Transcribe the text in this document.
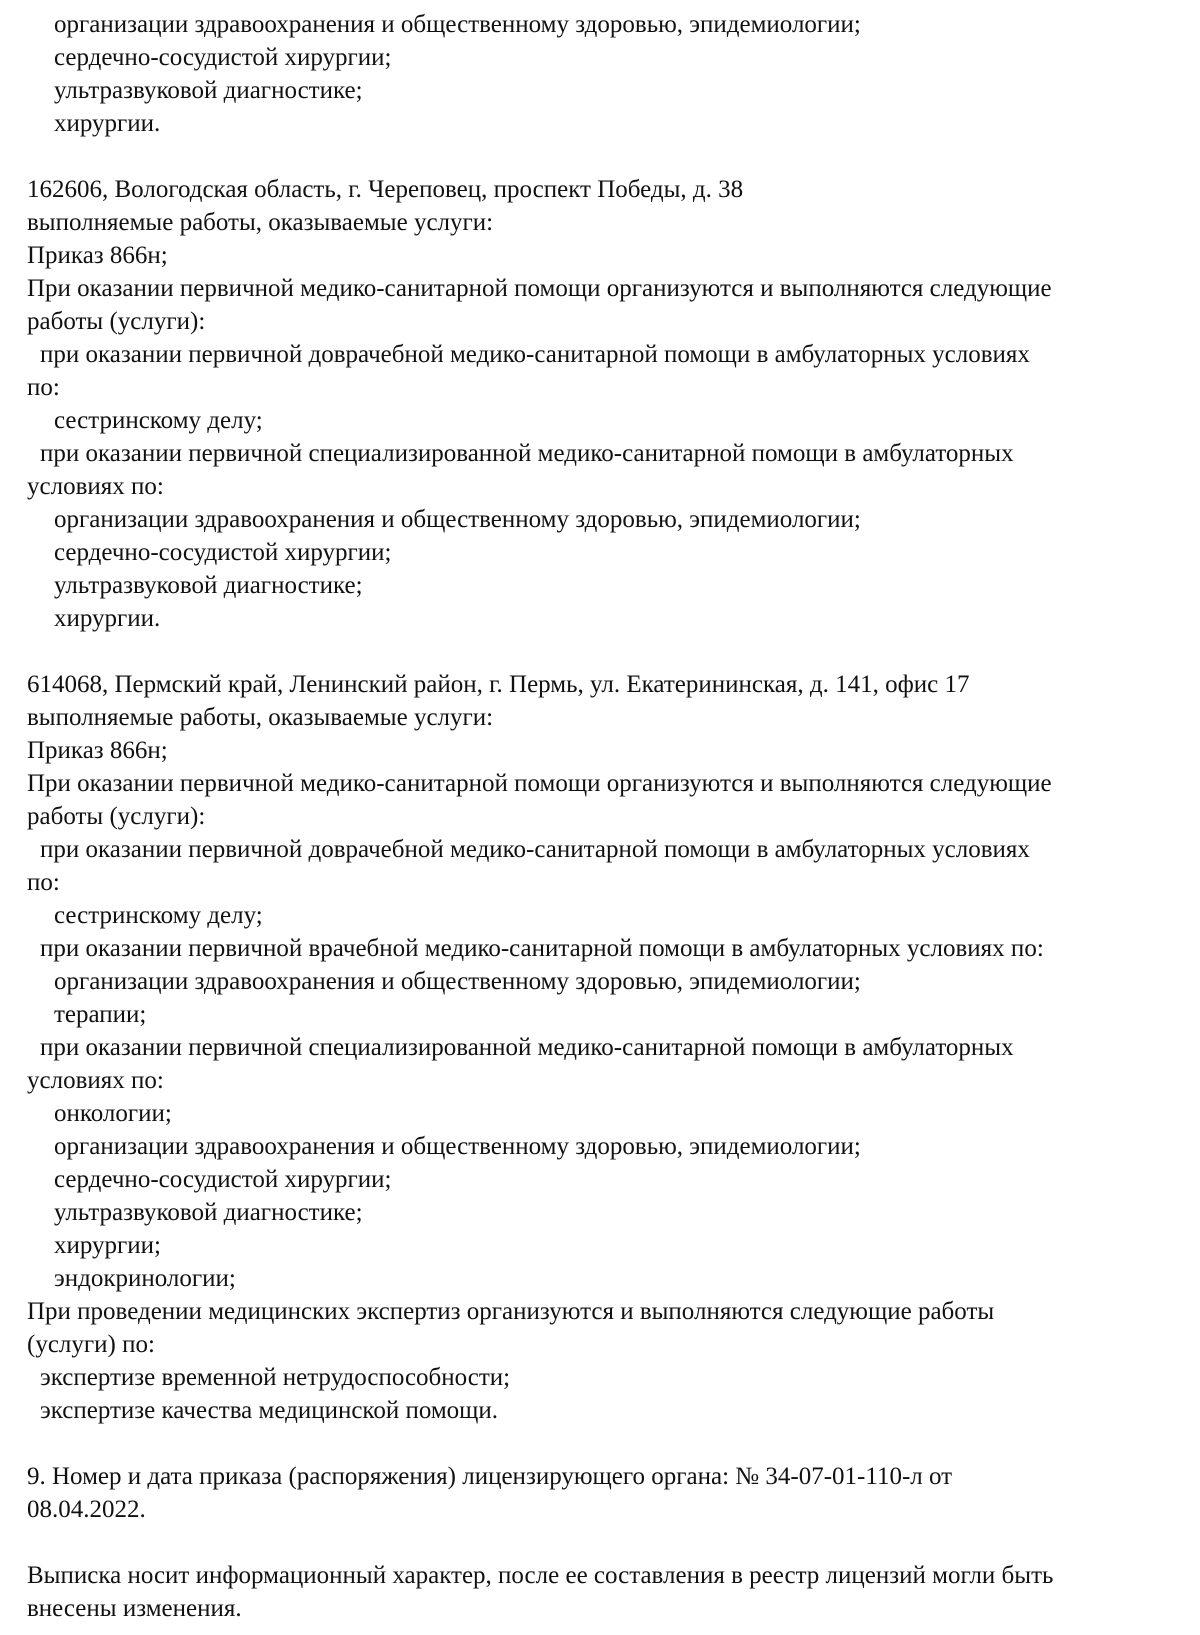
организации здравоохранения и общественному здоровью, эпидемиологии;
сердечно-сосудистой хирургии;
ультразвуковой диагностике;
хирургии.
162606, Вологодская область, г. Череповец, проспект Победы, д. 38
выполняемые работы, оказываемые услуги:
Приказ 866н;
При оказании первичной медико-санитарной помощи организуются и выполняются следующие
работы (услуги):
при оказании первичной доврачебной медико-санитарной помощи в амбулаторных условиях
по:
сестринскому делу;
при оказании первичной специализированной медико-санитарной помощи в амбулаторных
условиях по:
организации здравоохранения и общественному здоровью, эпидемиологии;
сердечно-сосудистой хирургии;
ультразвуковой диагностике;
хирургии.
614068, Пермский край, Ленинский район, г. Пермь, ул. Екатерининская, д. 141, офис 17
выполняемые работы, оказываемые услуги:
Приказ 866н;
При оказании первичной медико-санитарной помощи организуются и выполняются следующие
работы (услуги):
при оказании первичной доврачебной медико-санитарной помощи в амбулаторных условиях
по:
сестринскому делу;
при оказании первичной врачебной медико-санитарной помощи в амбулаторных условиях по:
организации здравоохранения и общественному здоровью, эпидемиологии;
терапии;
при оказании первичной специализированной медико-санитарной помощи в амбулаторных
условиях по:
онкологии;
организации здравоохранения и общественному здоровью, эпидемиологии;
сердечно-сосудистой хирургии;
ультразвуковой диагностике;
хирургии;
эндокринологии;
При проведении медицинских экспертиз организуются и выполняются следующие работы
(услуги) по:
экспертизе временной нетрудоспособности;
экспертизе качества медицинской помощи.
9. Номер и дата приказа (распоряжения) лицензирующего органа: № 34-07-01-110-л от
08.04.2022.
Выписка носит информационный характер, после ее составления в реестр лицензий могли быть
внесены изменения.
